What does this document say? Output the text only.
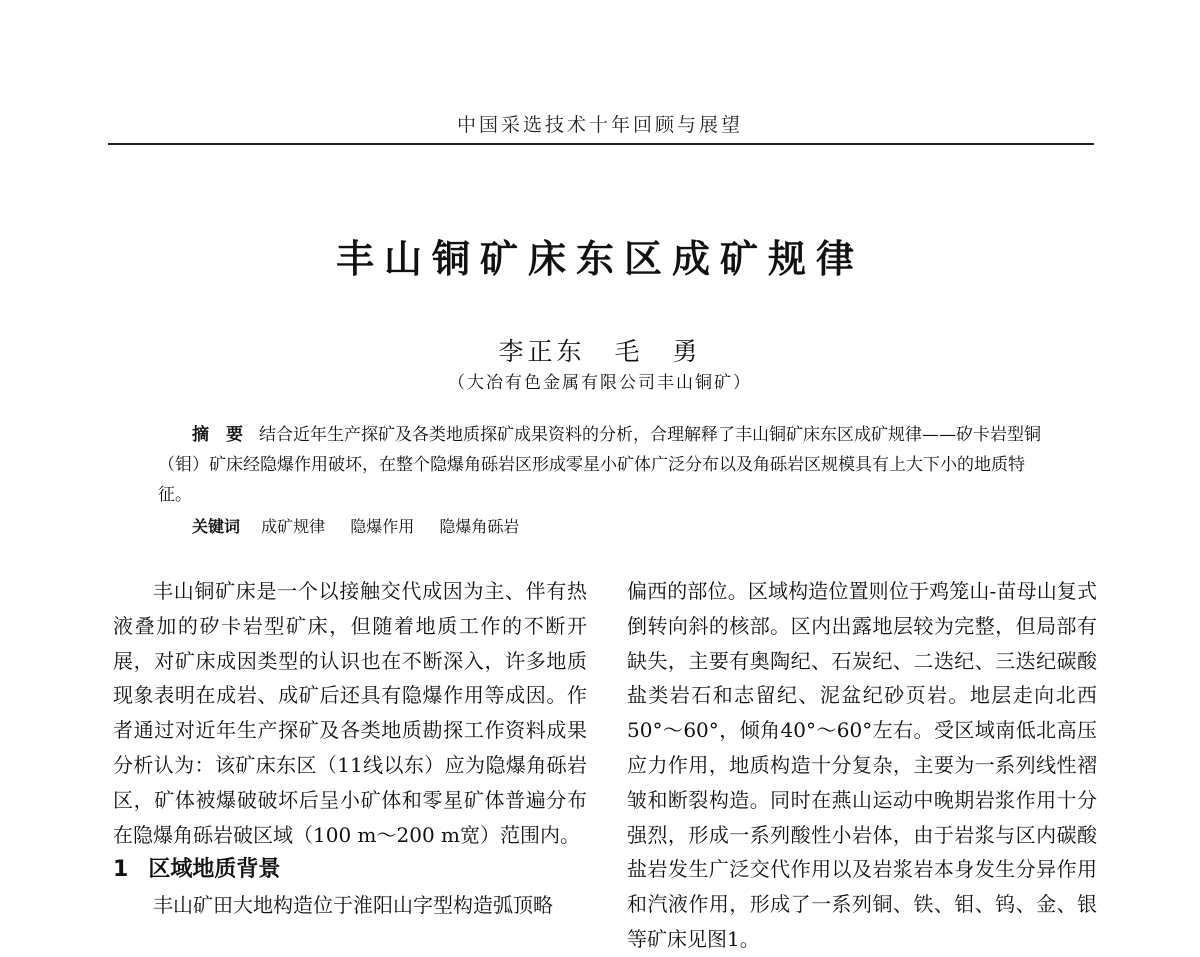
中国采选技术十年回顾与展望
丰山铜矿床东区成矿规律
李正东　毛　勇
（大冶有色金属有限公司丰山铜矿）
摘　要 结合近年生产探矿及各类地质探矿成果资料的分析，合理解释了丰山铜矿床东区成矿规律——矽卡岩型铜（钼）矿床经隐爆作用破坏，在整个隐爆角砾岩区形成零星小矿体广泛分布以及角砾岩区规模具有上大下小的地质特征。
关键词 成矿规律 隐爆作用 隐爆角砾岩

丰山铜矿床是一个以接触交代成因为主、伴有热液叠加的矽卡岩型矿床，但随着地质工作的不断开展，对矿床成因类型的认识也在不断深入，许多地质现象表明在成岩、成矿后还具有隐爆作用等成因。作者通过对近年生产探矿及各类地质勘探工作资料成果分析认为：该矿床东区（11线以东）应为隐爆角砾岩区，矿体被爆破破坏后呈小矿体和零星矿体普遍分布在隐爆角砾岩破区域（100 m～200 m宽）范围内。

1 区域地质背景

丰山矿田大地构造位于淮阳山字型构造弧顶略

偏西的部位。区域构造位置则位于鸡笼山-苗母山复式倒转向斜的核部。区内出露地层较为完整，但局部有缺失，主要有奥陶纪、石炭纪、二迭纪、三迭纪碳酸盐类岩石和志留纪、泥盆纪砂页岩。地层走向北西50°～60°，倾角40°～60°左右。受区域南低北高压应力作用，地质构造十分复杂，主要为一系列线性褶皱和断裂构造。同时在燕山运动中晚期岩浆作用十分强烈，形成一系列酸性小岩体，由于岩浆与区内碳酸盐岩发生广泛交代作用以及岩浆岩本身发生分异作用和汽液作用，形成了一系列铜、铁、钼、钨、金、银等矿床见图1。
